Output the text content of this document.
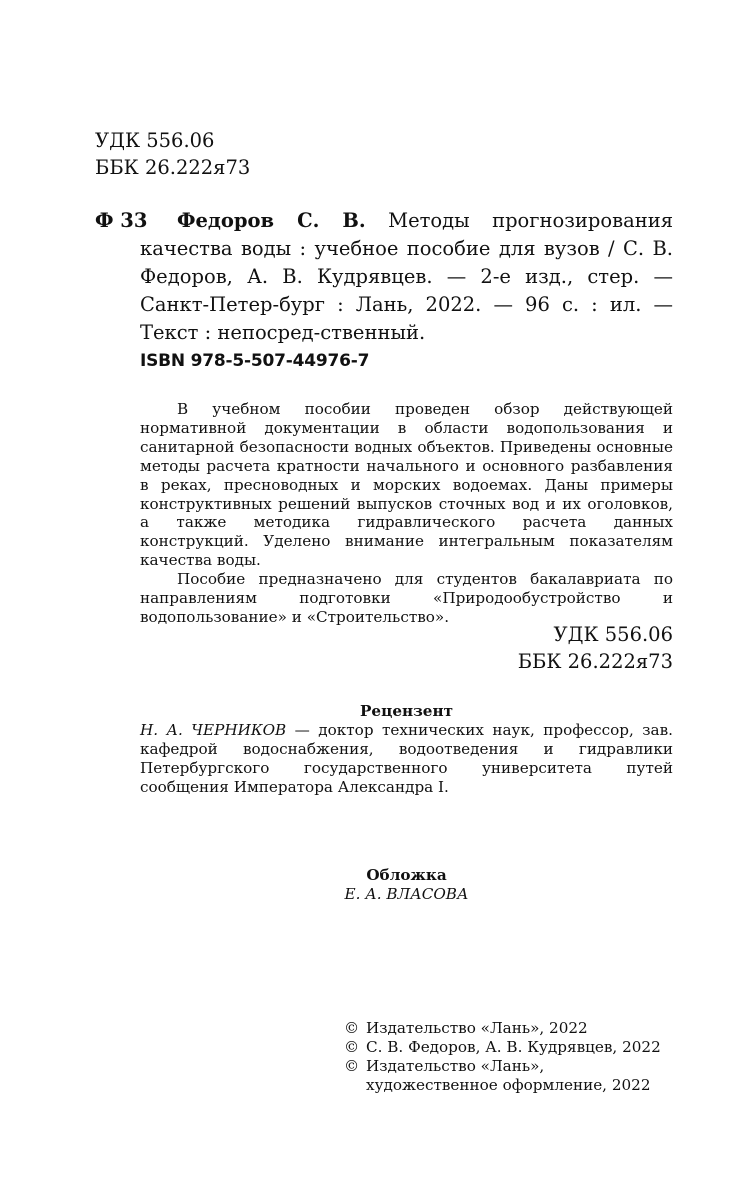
УДК 556.06
ББК 26.222я73
Ф 33	Федоров С. В. Методы прогнозирования качества воды : учебное пособие для вузов / С. В. Федоров, А. В. Кудрявцев. — 2-е изд., стер. — Санкт-Петер-бург : Лань, 2022. — 96 с. : ил. — Текст : непосред-ственный.
ISBN 978-5-507-44976-7

В учебном пособии проведен обзор действующей нормативной документации в области водопользования и санитарной безопасности водных объектов. Приведены основные методы расчета кратности начального и основного разбавления в реках, пресноводных и морских водоемах. Даны примеры конструктивных решений выпусков сточных вод и их оголовков, а также методика гидравлического расчета данных конструкций. Уделено внимание интегральным показателям качества воды.

Пособие предназначено для студентов бакалавриата по направлениям подготовки «Природообустройство и водопользование» и «Строительство».

УДК 556.06
ББК 26.222я73
Рецензент
Н. А. ЧЕРНИКОВ — доктор технических наук, профессор, зав. кафедрой водоснабжения, водоотведения и гидравлики Петербургского государственного университета путей сообщения Императора Александра I.
Обложка
Е. А. ВЛАСОВА
© Издательство «Лань», 2022
© С. В. Федоров, А. В. Кудрявцев, 2022
© Издательство «Лань»,
художественное оформление, 2022
